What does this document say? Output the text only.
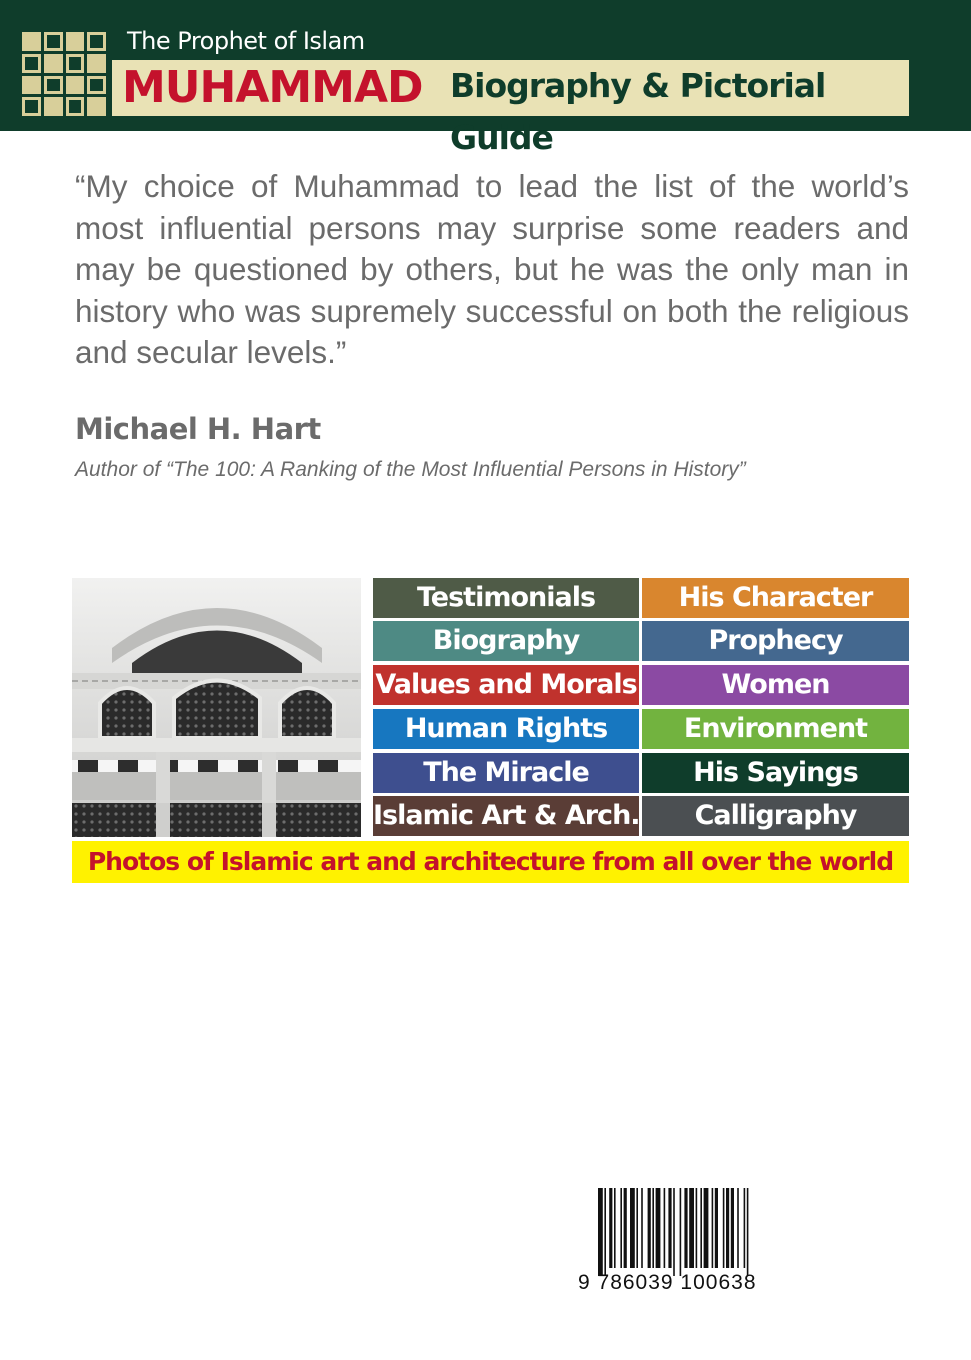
The Prophet of Islam
MUHAMMAD Biography & Pictorial Guide
“My choice of Muhammad to lead the list of the world’s most influential persons may surprise some readers and may be questioned by others, but he was the only man in history who was supremely successful on both the religious and secular levels.”
Michael H. Hart
Author of “The 100: A Ranking of the Most Influential Persons in History”
Testimonials	His Character
Biography	Prophecy
Values and Morals	Women
Human Rights	Environment
The Miracle	His Sayings
Islamic Art & Arch.	Calligraphy
Photos of Islamic art and architecture from all over the world
9 786039 100638
